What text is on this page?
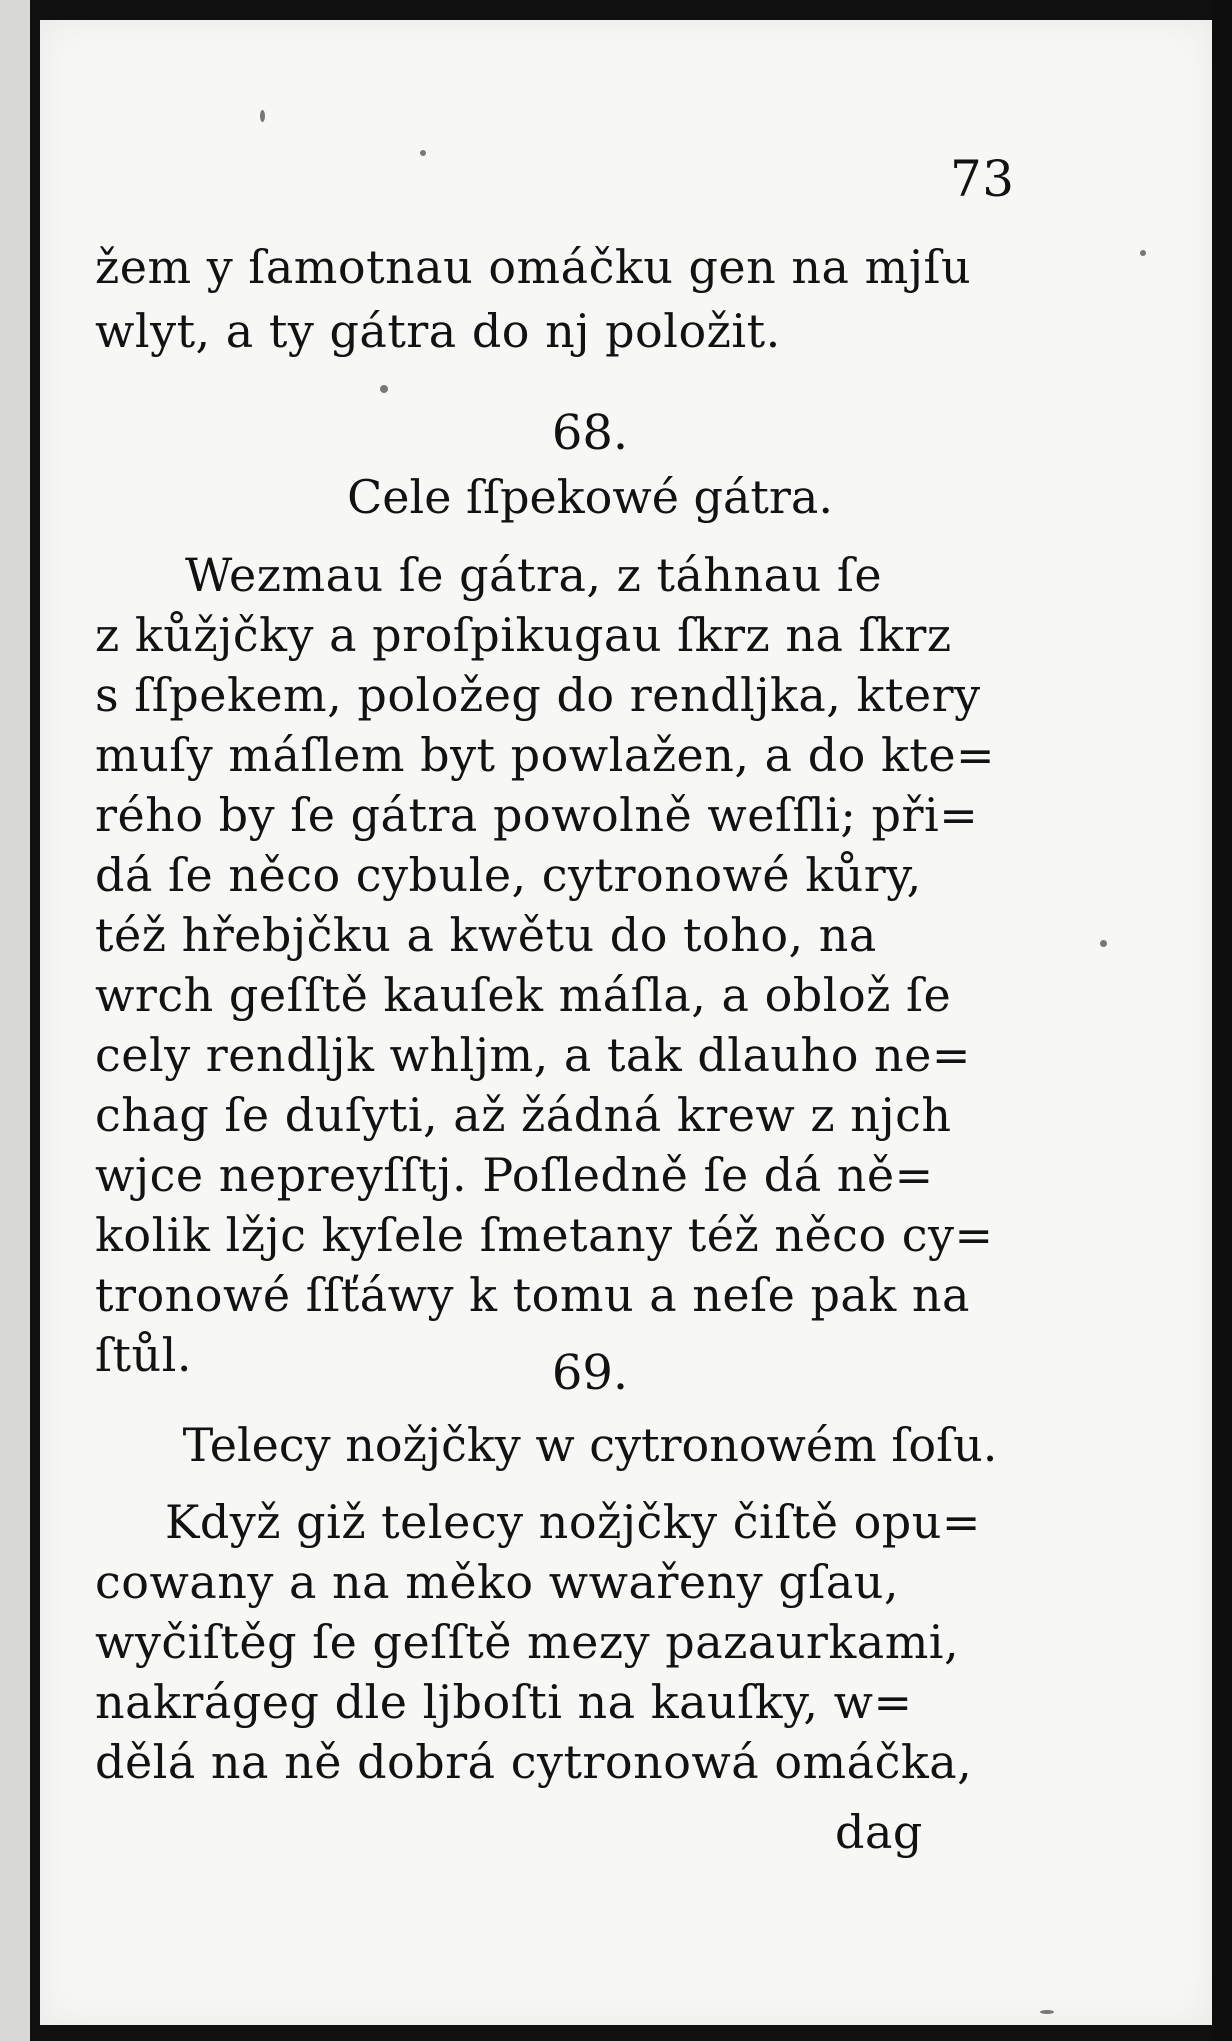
73
žem y ſamotnau omáčku gen na mjſu
wlyt, a ty gátra do nj položit.
68.
Cele ſſpekowé gátra.
Wezmau ſe gátra, z táhnau ſe
z kůžjčky a proſpikugau ſkrz na ſkrz
s ſſpekem, položeg do rendljka, ktery
muſy máſlem byt powlažen, a do kte=
rého by ſe gátra powolně weſſli; při=
dá ſe něco cybule, cytronowé kůry,
též hřebjčku a kwětu do toho, na
wrch geſſtě kauſek máſla, a oblož ſe
cely rendljk whljm, a tak dlauho ne=
chag ſe duſyti, až žádná krew z njch
wjce nepreyſſtj. Poſledně ſe dá ně=
kolik lžjc kyſele ſmetany též něco cy=
tronowé ſſťáwy k tomu a neſe pak na
ſtůl.	69.
Telecy nožjčky w cytronowém ſoſu.
Když giž telecy nožjčky čiſtě opu=
cowany a na měko wwařeny gſau,
wyčiſtěg ſe geſſtě mezy pazaurkami,
nakrágeg dle ljboſti na kauſky, w=
dělá na ně dobrá cytronowá omáčka,
dag
